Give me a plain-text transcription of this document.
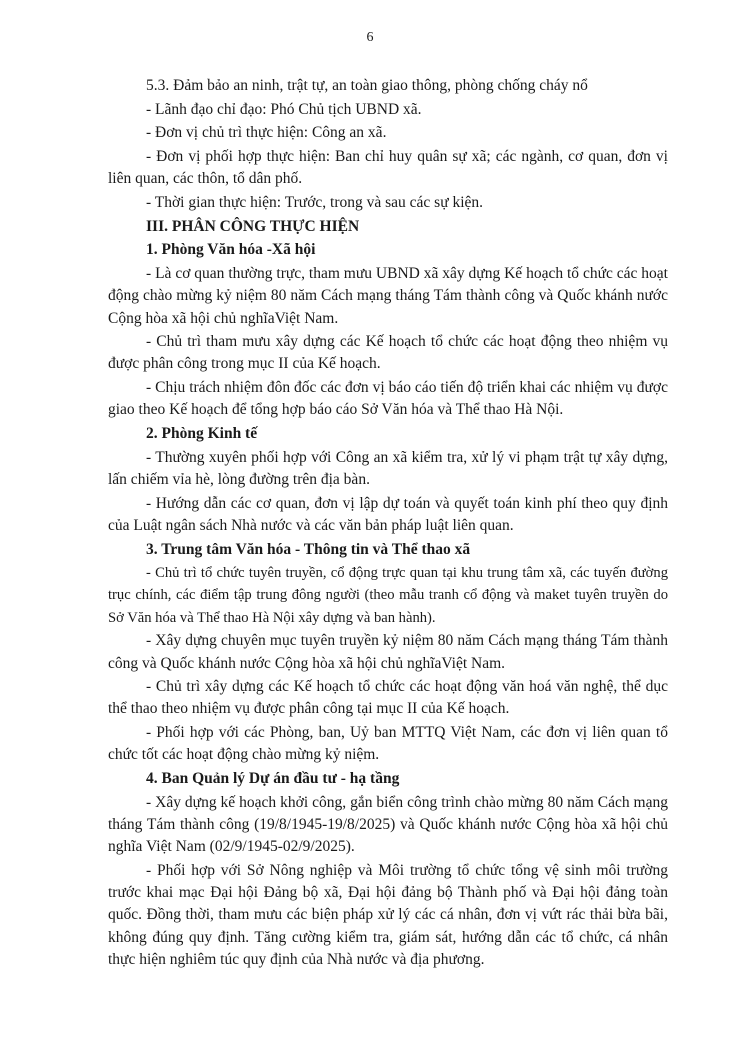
6

5.3. Đảm bảo an ninh, trật tự, an toàn giao thông, phòng chống cháy nổ

- Lãnh đạo chỉ đạo: Phó Chủ tịch UBND xã.

- Đơn vị chủ trì thực hiện: Công an xã.

- Đơn vị phối hợp thực hiện: Ban chỉ huy quân sự xã; các ngành, cơ quan, đơn vị liên quan, các thôn, tổ dân phố.

- Thời gian thực hiện: Trước, trong và sau các sự kiện.

III. PHÂN CÔNG THỰC HIỆN

1. Phòng Văn hóa -Xã hội

- Là cơ quan thường trực, tham mưu UBND xã xây dựng Kế hoạch tổ chức các hoạt động chào mừng kỷ niệm 80 năm Cách mạng tháng Tám thành công và Quốc khánh nước Cộng hòa xã hội chủ nghĩaViệt Nam.

- Chủ trì tham mưu xây dựng các Kế hoạch tổ chức các hoạt động theo nhiệm vụ được phân công trong mục II của Kế hoạch.

- Chịu trách nhiệm đôn đốc các đơn vị báo cáo tiến độ triển khai các nhiệm vụ được giao theo Kế hoạch để tổng hợp báo cáo Sở Văn hóa và Thể thao Hà Nội.

2. Phòng Kinh tế

- Thường xuyên phối hợp với Công an xã kiểm tra, xử lý vi phạm trật tự xây dựng, lấn chiếm vỉa hè, lòng đường trên địa bàn.

- Hướng dẫn các cơ quan, đơn vị lập dự toán và quyết toán kinh phí theo quy định của Luật ngân sách Nhà nước và các văn bản pháp luật liên quan.

3. Trung tâm Văn hóa - Thông tin và Thể thao xã

- Chủ trì tổ chức tuyên truyền, cổ động trực quan tại khu trung tâm xã, các tuyến đường trục chính, các điểm tập trung đông người (theo mẫu tranh cổ động và maket tuyên truyền do Sở Văn hóa và Thể thao Hà Nội xây dựng và ban hành).

- Xây dựng chuyên mục tuyên truyền kỷ niệm 80 năm Cách mạng tháng Tám thành công và Quốc khánh nước Cộng hòa xã hội chủ nghĩaViệt Nam.

- Chủ trì xây dựng các Kế hoạch tổ chức các hoạt động văn hoá văn nghệ, thể dục thể thao theo nhiệm vụ được phân công tại mục II của Kế hoạch.

- Phối hợp với các Phòng, ban, Uỷ ban MTTQ Việt Nam, các đơn vị liên quan tổ chức tốt các hoạt động chào mừng kỷ niệm.

4. Ban Quản lý Dự án đầu tư - hạ tầng

- Xây dựng kế hoạch khởi công, gắn biển công trình chào mừng 80 năm Cách mạng tháng Tám thành công (19/8/1945-19/8/2025) và Quốc khánh nước Cộng hòa xã hội chủ nghĩa Việt Nam (02/9/1945-02/9/2025).

- Phối hợp với Sở Nông nghiệp và Môi trường tổ chức tổng vệ sinh môi trường trước khai mạc Đại hội Đảng bộ xã, Đại hội đảng bộ Thành phố và Đại hội đảng toàn quốc. Đồng thời, tham mưu các biện pháp xử lý các cá nhân, đơn vị vứt rác thải bừa bãi, không đúng quy định. Tăng cường kiểm tra, giám sát, hướng dẫn các tổ chức, cá nhân thực hiện nghiêm túc quy định của Nhà nước và địa phương.
